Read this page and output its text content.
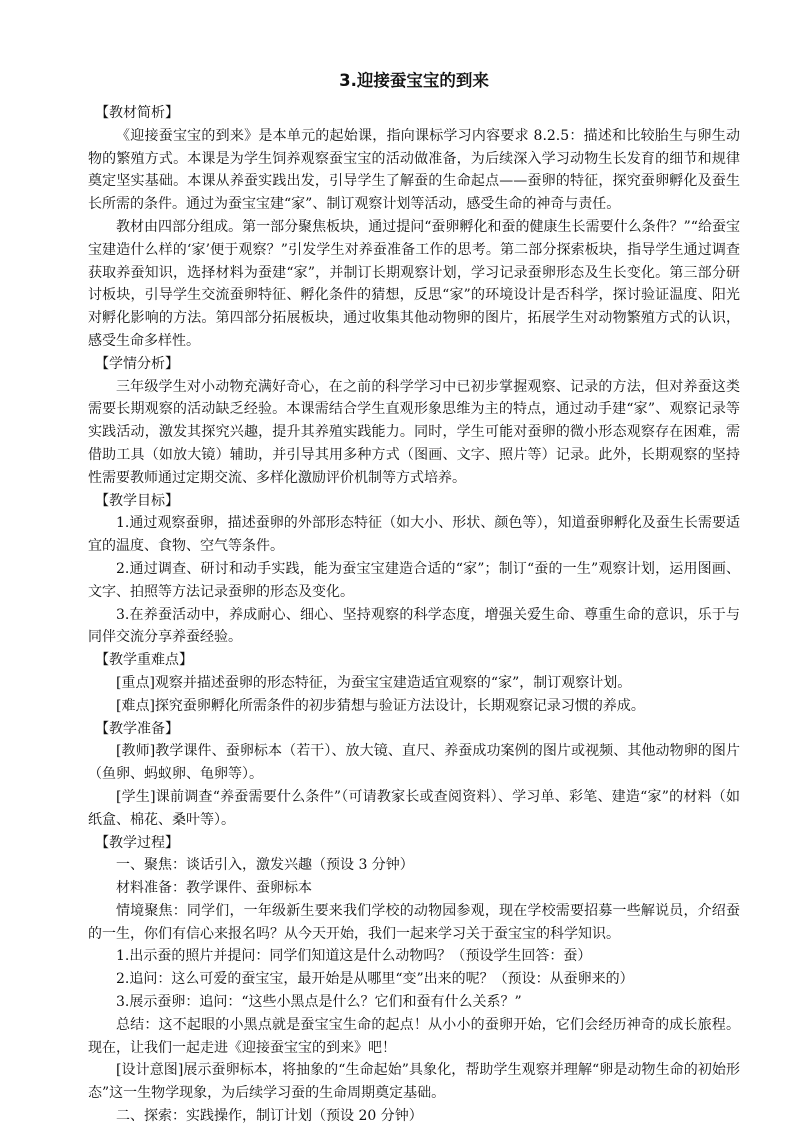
3.迎接蚕宝宝的到来

【教材简析】

《迎接蚕宝宝的到来》是本单元的起始课，指向课标学习内容要求 8.2.5：描述和比较胎生与卵生动物的繁殖方式。本课是为学生饲养观察蚕宝宝的活动做准备，为后续深入学习动物生长发育的细节和规律奠定坚实基础。本课从养蚕实践出发，引导学生了解蚕的生命起点——蚕卵的特征，探究蚕卵孵化及蚕生长所需的条件。通过为蚕宝宝建“家”、制订观察计划等活动，感受生命的神奇与责任。

教材由四部分组成。第一部分聚焦板块，通过提问“蚕卵孵化和蚕的健康生长需要什么条件？”“给蚕宝宝建造什么样的‘家’便于观察？”引发学生对养蚕准备工作的思考。第二部分探索板块，指导学生通过调查获取养蚕知识，选择材料为蚕建“家”，并制订长期观察计划，学习记录蚕卵形态及生长变化。第三部分研讨板块，引导学生交流蚕卵特征、孵化条件的猜想，反思“家”的环境设计是否科学，探讨验证温度、阳光对孵化影响的方法。第四部分拓展板块，通过收集其他动物卵的图片，拓展学生对动物繁殖方式的认识，感受生命多样性。

【学情分析】

三年级学生对小动物充满好奇心，在之前的科学学习中已初步掌握观察、记录的方法，但对养蚕这类需要长期观察的活动缺乏经验。本课需结合学生直观形象思维为主的特点，通过动手建“家”、观察记录等实践活动，激发其探究兴趣，提升其养殖实践能力。同时，学生可能对蚕卵的微小形态观察存在困难，需借助工具（如放大镜）辅助，并引导其用多种方式（图画、文字、照片等）记录。此外，长期观察的坚持性需要教师通过定期交流、多样化激励评价机制等方式培养。

【教学目标】

1.通过观察蚕卵，描述蚕卵的外部形态特征（如大小、形状、颜色等），知道蚕卵孵化及蚕生长需要适宜的温度、食物、空气等条件。

2.通过调查、研讨和动手实践，能为蚕宝宝建造合适的“家”；制订“蚕的一生”观察计划，运用图画、文字、拍照等方法记录蚕卵的形态及变化。

3.在养蚕活动中，养成耐心、细心、坚持观察的科学态度，增强关爱生命、尊重生命的意识，乐于与同伴交流分享养蚕经验。

【教学重难点】

[重点]观察并描述蚕卵的形态特征，为蚕宝宝建造适宜观察的“家”，制订观察计划。

[难点]探究蚕卵孵化所需条件的初步猜想与验证方法设计，长期观察记录习惯的养成。

【教学准备】

[教师]教学课件、蚕卵标本（若干）、放大镜、直尺、养蚕成功案例的图片或视频、其他动物卵的图片（鱼卵、蚂蚁卵、龟卵等）。

[学生]课前调查“养蚕需要什么条件”（可请教家长或查阅资料）、学习单、彩笔、建造“家”的材料（如纸盒、棉花、桑叶等）。

【教学过程】

一、聚焦：谈话引入，激发兴趣（预设 3 分钟）

材料准备：教学课件、蚕卵标本

情境聚焦：同学们，一年级新生要来我们学校的动物园参观，现在学校需要招募一些解说员，介绍蚕的一生，你们有信心来报名吗？从今天开始，我们一起来学习关于蚕宝宝的科学知识。

1.出示蚕的照片并提问：同学们知道这是什么动物吗？（预设学生回答：蚕）

2.追问：这么可爱的蚕宝宝，最开始是从哪里“变”出来的呢？（预设：从蚕卵来的）

3.展示蚕卵：追问：“这些小黑点是什么？它们和蚕有什么关系？”

总结：这不起眼的小黑点就是蚕宝宝生命的起点！从小小的蚕卵开始，它们会经历神奇的成长旅程。现在，让我们一起走进《迎接蚕宝宝的到来》吧！

[设计意图]展示蚕卵标本，将抽象的“生命起始”具象化，帮助学生观察并理解“卵是动物生命的初始形态”这一生物学现象，为后续学习蚕的生命周期奠定基础。

二、探索：实践操作，制订计划（预设 20 分钟）
